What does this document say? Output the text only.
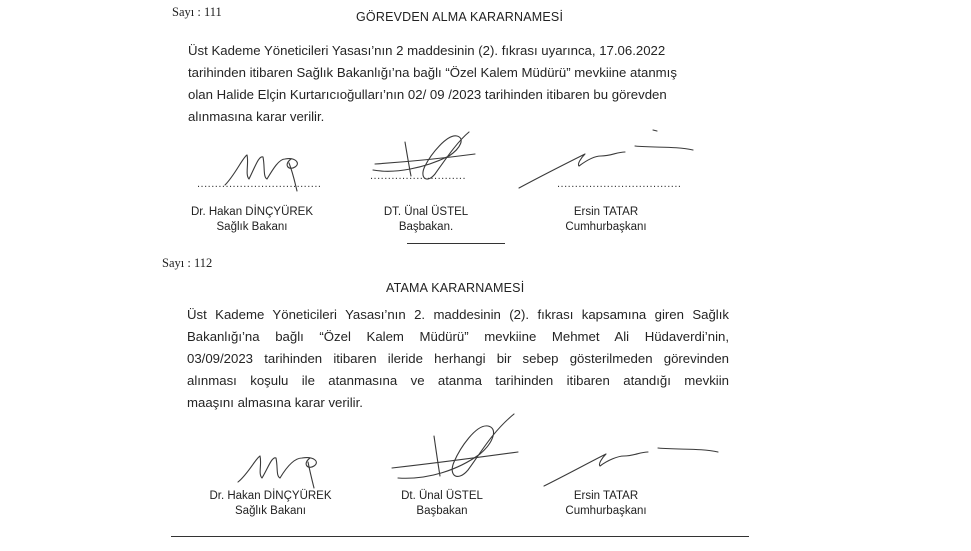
Sayı : 111	GÖREVDEN ALMA KARARNAMESİ
Üst Kademe Yöneticileri Yasası’nın 2 maddesinin (2). fıkrası uyarınca, 17.06.2022
tarihinden itibaren Sağlık Bakanlığı’na bağlı “Özel Kalem Müdürü” mevkiine atanmış
olan Halide Elçin Kurtarıcıoğulları’nın 02/ 09 /2023 tarihinden itibaren bu görevden
alınmasına karar verilir.
...................................
...........................
...................................
Dr. Hakan DİNÇYÜREK
Sağlık Bakanı
DT. Ünal ÜSTEL
Başbakan.
Ersin TATAR
Cumhurbaşkanı
Sayı : 112
ATAMA KARARNAMESİ
Üst Kademe Yöneticileri Yasası’nın 2. maddesinin (2). fıkrası kapsamına giren Sağlık
Bakanlığı’na bağlı “Özel Kalem Müdürü” mevkiine Mehmet Ali Hüdaverdi’nin,
03/09/2023 tarihinden itibaren ileride herhangi bir sebep gösterilmeden görevinden
alınması koşulu ile atanmasına ve atanma tarihinden itibaren atandığı mevkiin
maaşını almasına karar verilir.
Dr. Hakan DİNÇYÜREK
Sağlık Bakanı
Dt. Ünal ÜSTEL
Başbakan
Ersin TATAR
Cumhurbaşkanı
